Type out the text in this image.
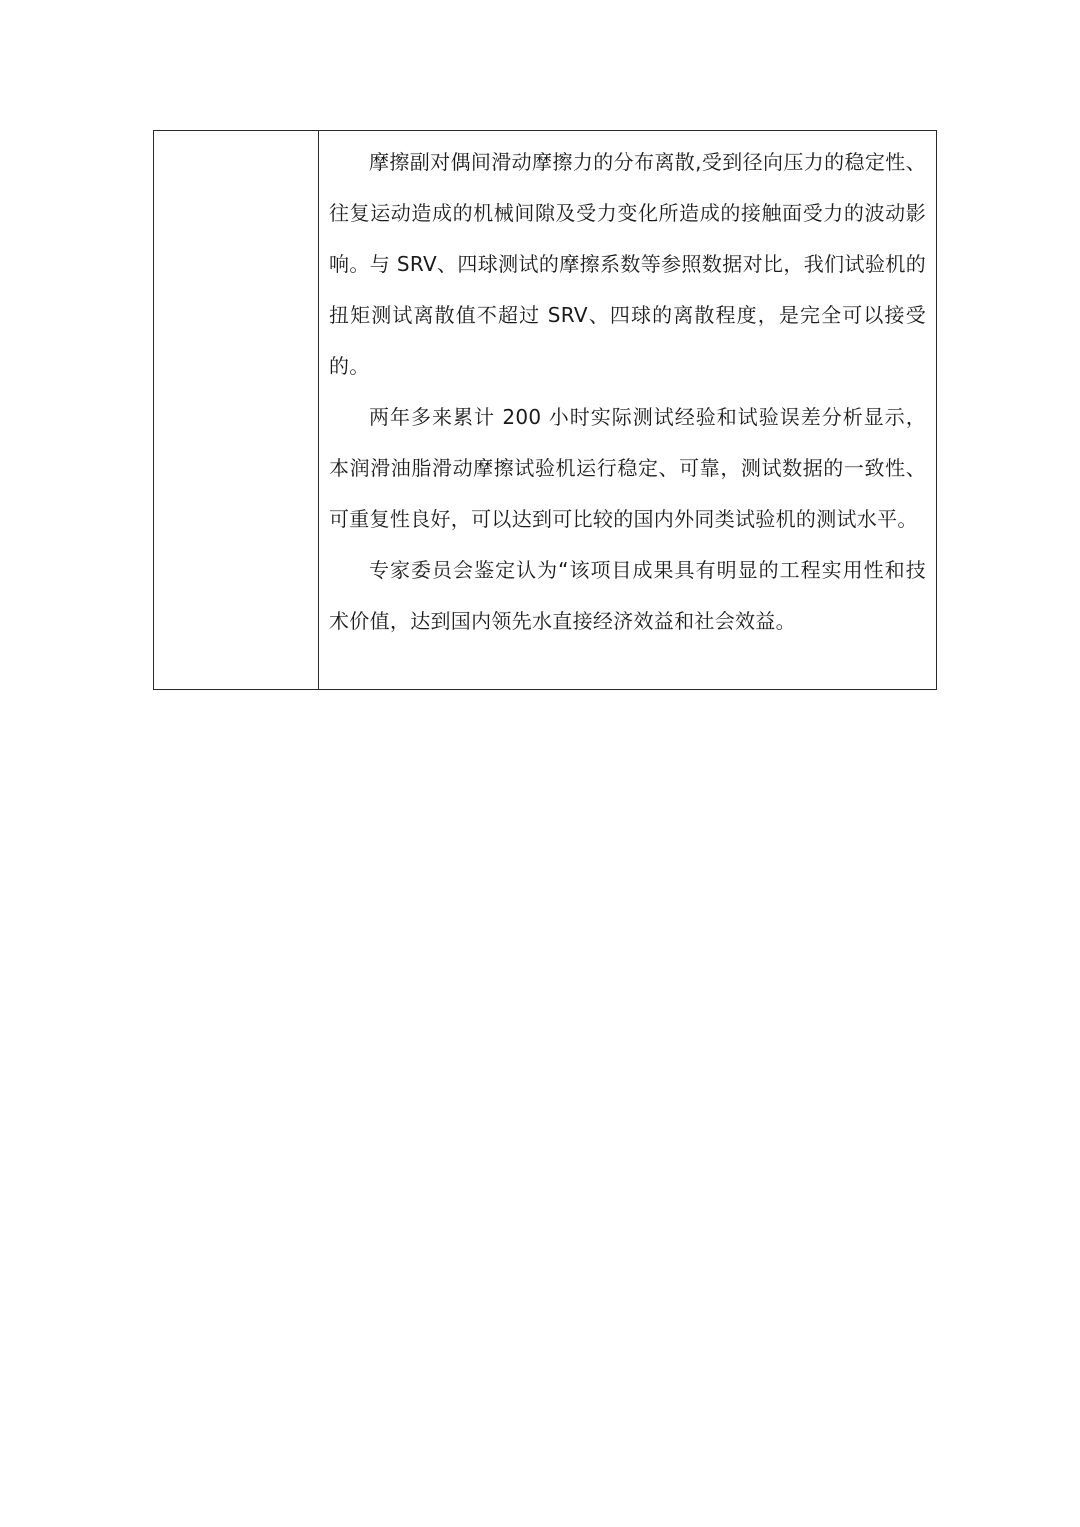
摩擦副对偶间滑动摩擦力的分布离散,受到径向压力的稳定性、往复运动造成的机械间隙及受力变化所造成的接触面受力的波动影响。与 SRV、四球测试的摩擦系数等参照数据对比，我们试验机的扭矩测试离散值不超过 SRV、四球的离散程度，是完全可以接受的。

两年多来累计 200 小时实际测试经验和试验误差分析显示，本润滑油脂滑动摩擦试验机运行稳定、可靠，测试数据的一致性、可重复性良好，可以达到可比较的国内外同类试验机的测试水平。

专家委员会鉴定认为“该项目成果具有明显的工程实用性和技术价值，达到国内领先水直接经济效益和社会效益。
